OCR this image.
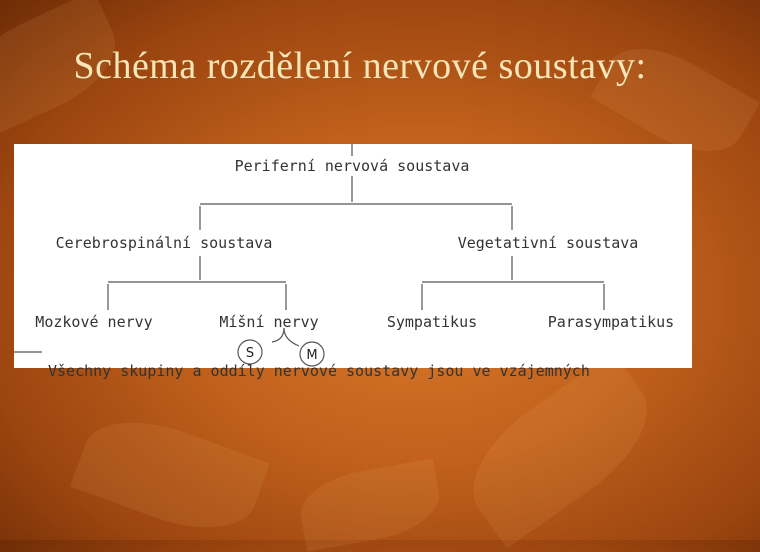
Schéma rozdělení nervové soustavy:
Periferní nervová soustava
Cerebrospinální soustava	Vegetativní soustava
Mozkové nervy	Míšní nervy	Sympatikus	Parasympatikus
S	M
Všechny skupiny a oddíly nervové soustavy jsou ve vzájemných
